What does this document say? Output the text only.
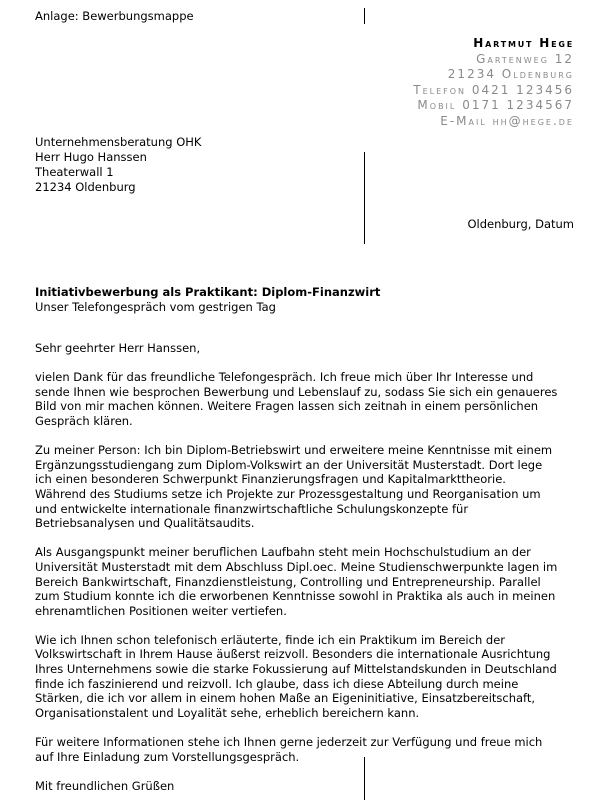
Anlage: Bewerbungsmappe
Hartmut Hege
Gartenweg 12
21234 Oldenburg
Telefon 0421 123456
Mobil 0171 1234567
E-Mail hh@hege.de
Unternehmensberatung OHK
Herr Hugo Hanssen
Theaterwall 1
21234 Oldenburg
Oldenburg, Datum
Initiativbewerbung als Praktikant: Diplom-Finanzwirt
Unser Telefongespräch vom gestrigen Tag

Sehr geehrter Herr Hanssen,

vielen Dank für das freundliche Telefongespräch. Ich freue mich über Ihr Interesse und sende Ihnen wie besprochen Bewerbung und Lebenslauf zu, sodass Sie sich ein genaueres Bild von mir machen können. Weitere Fragen lassen sich zeitnah in einem persönlichen Gespräch klären.

Zu meiner Person: Ich bin Diplom-Betriebswirt und erweitere meine Kenntnisse mit einem Ergänzungsstudiengang zum Diplom-Volkswirt an der Universität Musterstadt. Dort lege ich einen besonderen Schwerpunkt Finanzierungsfragen und Kapitalmarkttheorie. Während des Studiums setze ich Projekte zur Prozessgestaltung und Reorganisation um und entwickelte internationale finanzwirtschaftliche Schulungskonzepte für Betriebsanalysen und Qualitätsaudits.

Als Ausgangspunkt meiner beruflichen Laufbahn steht mein Hochschulstudium an der Universität Musterstadt mit dem Abschluss Dipl.oec. Meine Studienschwerpunkte lagen im Bereich Bankwirtschaft, Finanzdienstleistung, Controlling und Entrepreneurship. Parallel zum Studium konnte ich die erworbenen Kenntnisse sowohl in Praktika als auch in meinen ehrenamtlichen Positionen weiter vertiefen.

Wie ich Ihnen schon telefonisch erläuterte, finde ich ein Praktikum im Bereich der Volkswirtschaft in Ihrem Hause äußerst reizvoll. Besonders die internationale Ausrichtung Ihres Unternehmens sowie die starke Fokussierung auf Mittelstandskunden in Deutschland finde ich faszinierend und reizvoll. Ich glaube, dass ich diese Abteilung durch meine Stärken, die ich vor allem in einem hohen Maße an Eigeninitiative, Einsatzbereitschaft, Organisationstalent und Loyalität sehe, erheblich bereichern kann.

Für weitere Informationen stehe ich Ihnen gerne jederzeit zur Verfügung und freue mich auf Ihre Einladung zum Vorstellungsgespräch.

Mit freundlichen Grüßen
